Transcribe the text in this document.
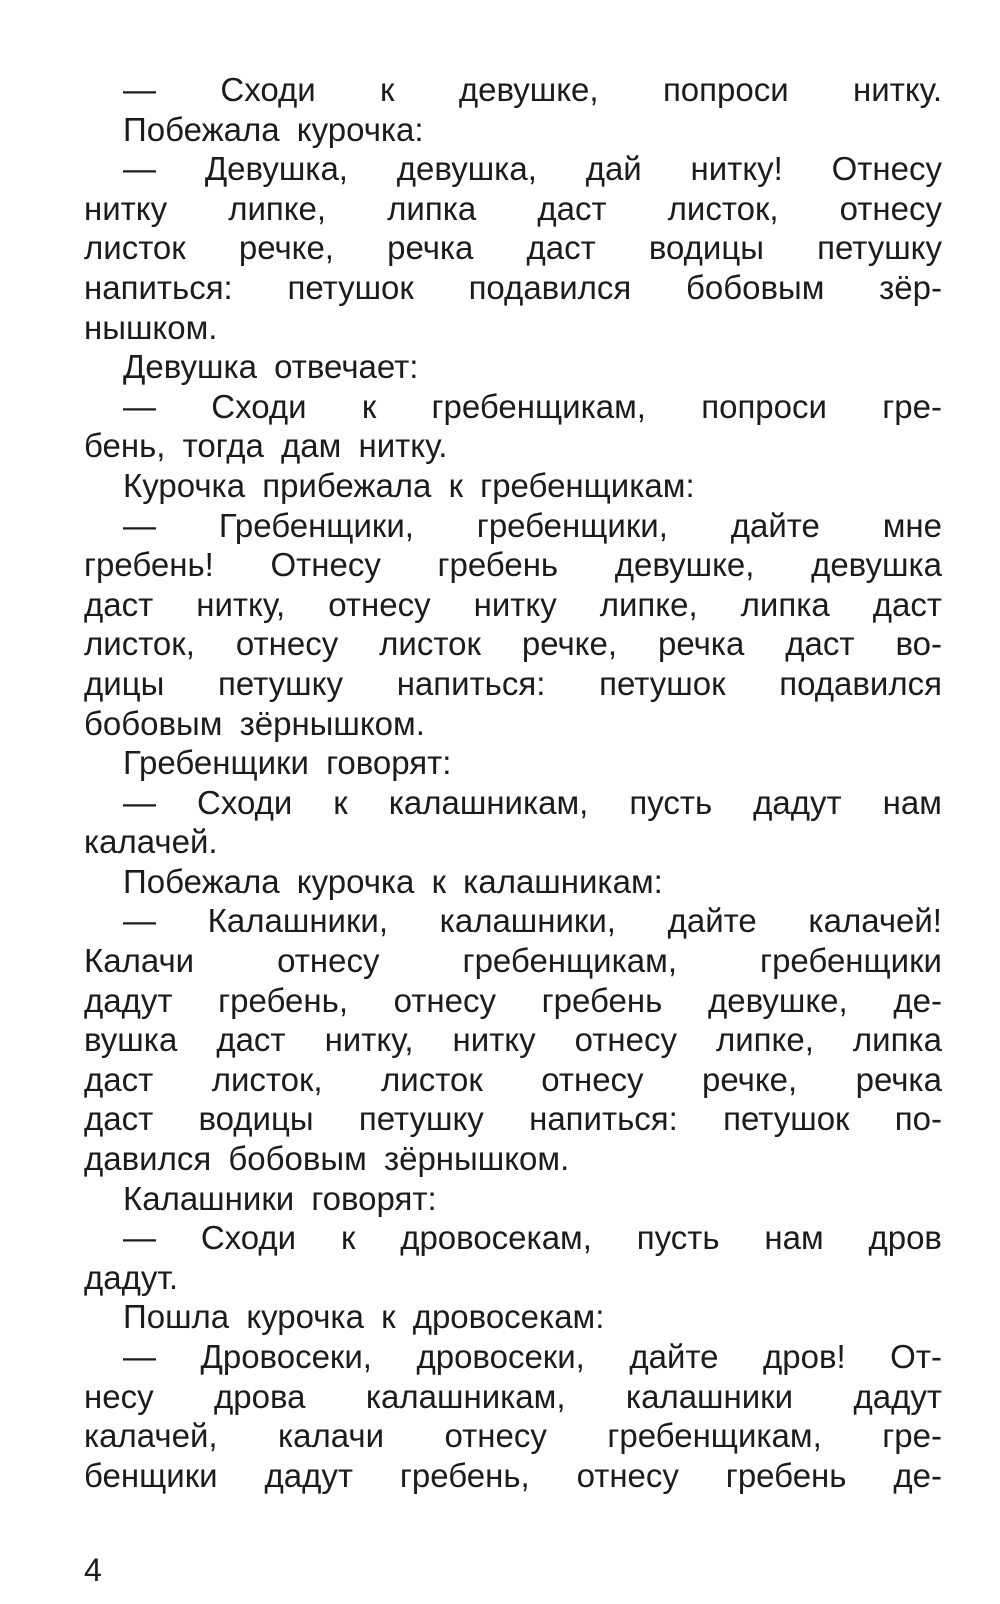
— Сходи к девушке, попроси нитку.
Побежала курочка:
— Девушка, девушка, дай нитку! Отнесу
нитку липке, липка даст листок, отнесу
листок речке, речка даст водицы петушку
напиться: петушок подавился бобовым зёр-
нышком.
Девушка отвечает:
— Сходи к гребенщикам, попроси гре-
бень, тогда дам нитку.
Курочка прибежала к гребенщикам:
— Гребенщики, гребенщики, дайте мне
гребень! Отнесу гребень девушке, девушка
даст нитку, отнесу нитку липке, липка даст
листок, отнесу листок речке, речка даст во-
дицы петушку напиться: петушок подавился
бобовым зёрнышком.
Гребенщики говорят:
— Сходи к калашникам, пусть дадут нам
калачей.
Побежала курочка к калашникам:
— Калашники, калашники, дайте калачей!
Калачи	отнесу	гребенщикам,	гребенщики
дадут гребень, отнесу гребень девушке, де-
вушка даст нитку, нитку отнесу липке, липка
даст листок, листок отнесу речке, речка
даст водицы петушку напиться: петушок по-
давился бобовым зёрнышком.
Калашники говорят:
— Сходи к дровосекам, пусть нам дров
дадут.
Пошла курочка к дровосекам:
— Дровосеки, дровосеки, дайте дров! От-
несу дрова калашникам, калашники дадут
калачей, калачи отнесу гребенщикам, гре-
бенщики дадут гребень, отнесу гребень де-
4
